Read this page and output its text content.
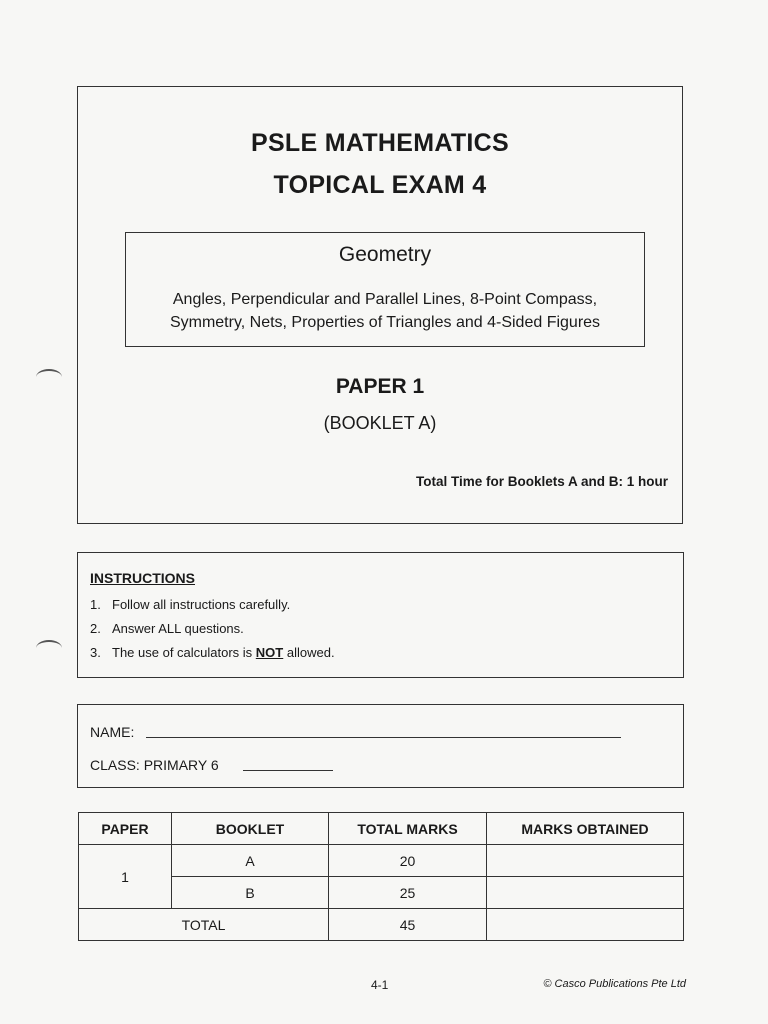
PSLE MATHEMATICS
TOPICAL EXAM 4
Geometry
Angles, Perpendicular and Parallel Lines, 8-Point Compass,
Symmetry, Nets, Properties of Triangles and 4-Sided Figures
PAPER 1
(BOOKLET A)
Total Time for Booklets A and B: 1 hour
INSTRUCTIONS
1. Follow all instructions carefully.
2. Answer ALL questions.
3. The use of calculators is NOT allowed.
NAME:
CLASS: PRIMARY 6
PAPER	BOOKLET	TOTAL MARKS	MARKS OBTAINED
1	A	20	
	B	25	
TOTAL		45	
4-1	© Casco Publications Pte Ltd
